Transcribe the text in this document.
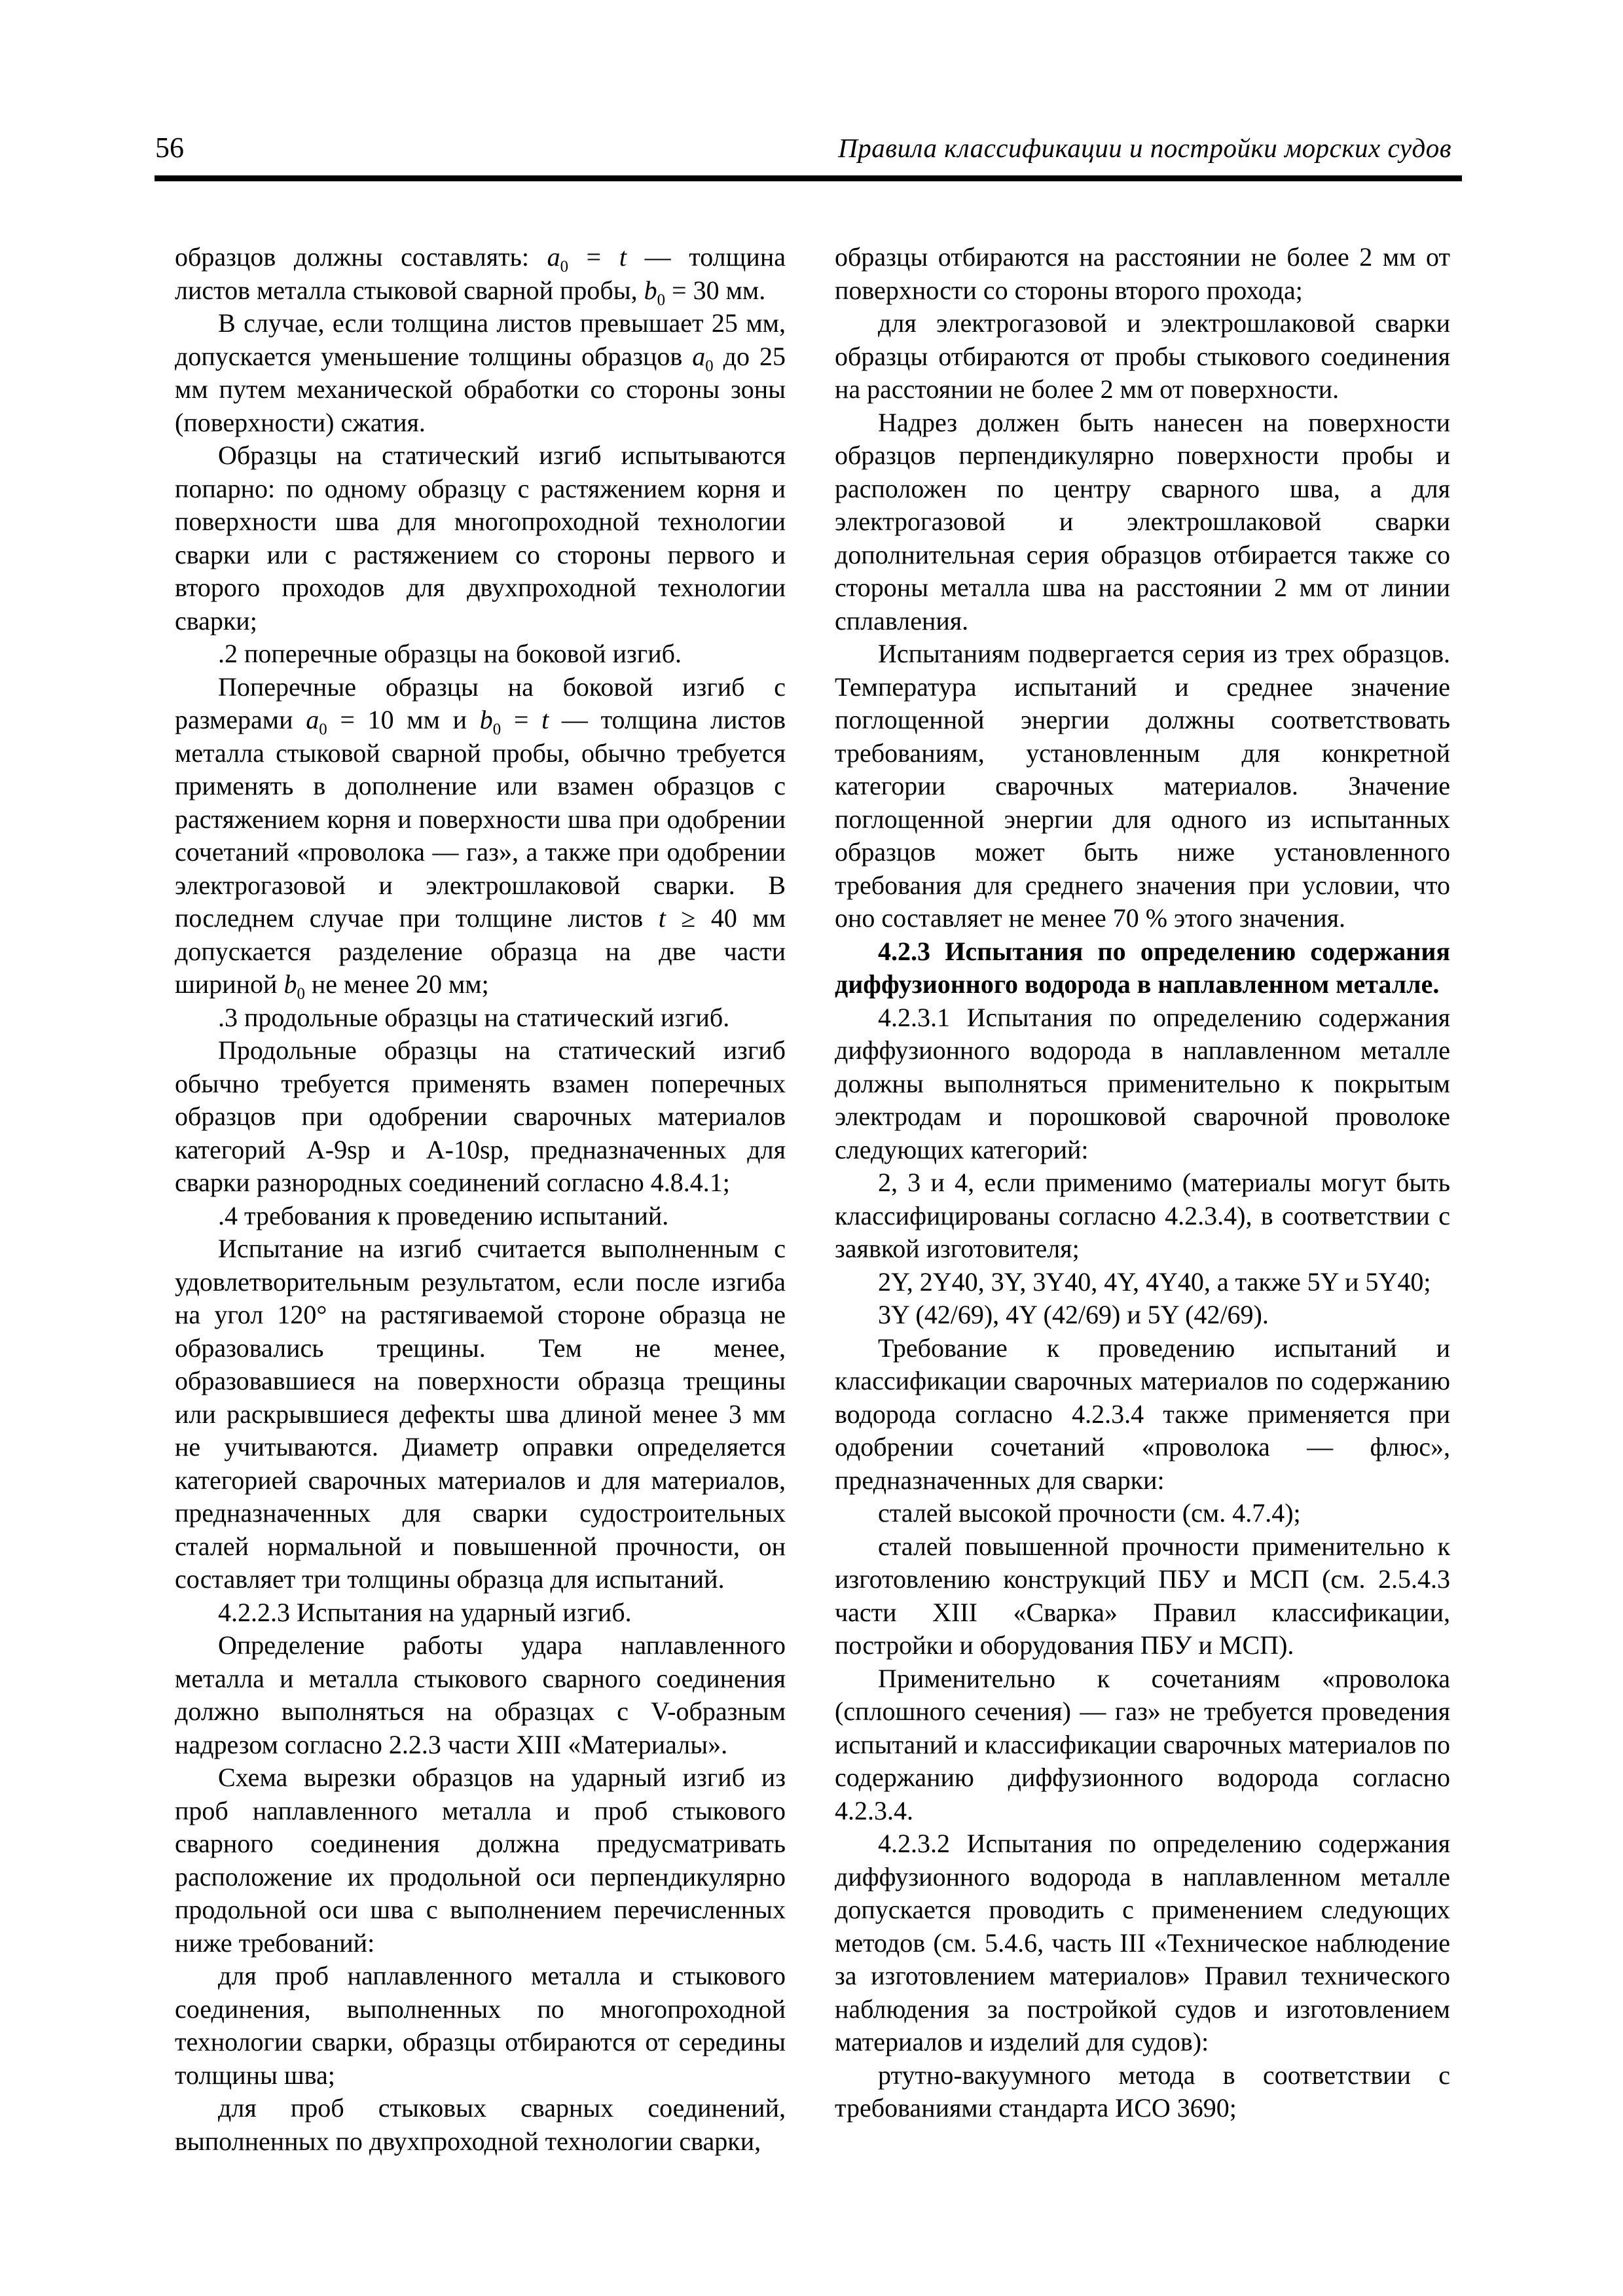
56	Правила классификации и постройки морских судов

образцов должны составлять: $a_0 = t$ — толщина листов металла стыковой сварной пробы, $b_0 = 30$ мм.

В случае, если толщина листов превышает 25 мм, допускается уменьшение толщины образцов $a_0$ до 25 мм путем механической обработки со стороны зоны (поверхности) сжатия.

Образцы на статический изгиб испытываются попарно: по одному образцу с растяжением корня и поверхности шва для многопроходной технологии сварки или с растяжением со стороны первого и второго проходов для двухпроходной технологии сварки;

.2 поперечные образцы на боковой изгиб.

Поперечные образцы на боковой изгиб с размерами $a_0 = 10$ мм и $b_0 = t$ — толщина листов металла стыковой сварной пробы, обычно требуется применять в дополнение или взамен образцов с растяжением корня и поверхности шва при одобрении сочетаний «проволока — газ», а также при одобрении электрогазовой и электрошлаковой сварки. В последнем случае при толщине листов t ≥ 40 мм допускается разделение образца на две части шириной $b_0$ не менее 20 мм;

.3 продольные образцы на статический изгиб.

Продольные образцы на статический изгиб обычно требуется применять взамен поперечных образцов при одобрении сварочных материалов категорий А-9sp и А-10sp, предназначенных для сварки разнородных соединений согласно 4.8.4.1;

.4 требования к проведению испытаний.

Испытание на изгиб считается выполненным с удовлетворительным результатом, если после изгиба на угол 120° на растягиваемой стороне образца не образовались трещины. Тем не менее, образовавшиеся на поверхности образца трещины или раскрывшиеся дефекты шва длиной менее 3 мм не учитываются. Диаметр оправки определяется категорией сварочных материалов и для материалов, предназначенных для сварки судостроительных сталей нормальной и повышенной прочности, он составляет три толщины образца для испытаний.

4.2.2.3 Испытания на ударный изгиб.

Определение работы удара наплавленного металла и металла стыкового сварного соединения должно выполняться на образцах с V-образным надрезом согласно 2.2.3 части XIII «Материалы».

Схема вырезки образцов на ударный изгиб из проб наплавленного металла и проб стыкового сварного соединения должна предусматривать расположение их продольной оси перпендикулярно продольной оси шва с выполнением перечисленных ниже требований:

для проб наплавленного металла и стыкового соединения, выполненных по многопроходной технологии сварки, образцы отбираются от середины толщины шва;

для проб стыковых сварных соединений, выполненных по двухпроходной технологии сварки,

образцы отбираются на расстоянии не более 2 мм от поверхности со стороны второго прохода;

для электрогазовой и электрошлаковой сварки образцы отбираются от пробы стыкового соединения на расстоянии не более 2 мм от поверхности.

Надрез должен быть нанесен на поверхности образцов перпендикулярно поверхности пробы и расположен по центру сварного шва, а для электрогазовой и электрошлаковой сварки дополнительная серия образцов отбирается также со стороны металла шва на расстоянии 2 мм от линии сплавления.

Испытаниям подвергается серия из трех образцов. Температура испытаний и среднее значение поглощенной энергии должны соответствовать требованиям, установленным для конкретной категории сварочных материалов. Значение поглощенной энергии для одного из испытанных образцов может быть ниже установленного требования для среднего значения при условии, что оно составляет не менее 70 % этого значения.

4.2.3 Испытания по определению содержания диффузионного водорода в наплавленном металле.

4.2.3.1 Испытания по определению содержания диффузионного водорода в наплавленном металле должны выполняться применительно к покрытым электродам и порошковой сварочной проволоке следующих категорий:

2, 3 и 4, если применимо (материалы могут быть классифицированы согласно 4.2.3.4), в соответствии с заявкой изготовителя;

2Y, 2Y40, 3Y, 3Y40, 4Y, 4Y40, а также 5Y и 5Y40;

3Y (42/69), 4Y (42/69) и 5Y (42/69).

Требование к проведению испытаний и классификации сварочных материалов по содержанию водорода согласно 4.2.3.4 также применяется при одобрении сочетаний «проволока — флюс», предназначенных для сварки:

сталей высокой прочности (см. 4.7.4);

сталей повышенной прочности применительно к изготовлению конструкций ПБУ и МСП (см. 2.5.4.3 части XIII «Сварка» Правил классификации, постройки и оборудования ПБУ и МСП).

Применительно к сочетаниям «проволока (сплошного сечения) — газ» не требуется проведения испытаний и классификации сварочных материалов по содержанию диффузионного водорода согласно 4.2.3.4.

4.2.3.2 Испытания по определению содержания диффузионного водорода в наплавленном металле допускается проводить с применением следующих методов (см. 5.4.6, часть III «Техническое наблюдение за изготовлением материалов» Правил технического наблюдения за постройкой судов и изготовлением материалов и изделий для судов):

ртутно-вакуумного метода в соответствии с требованиями стандарта ИСО 3690;
